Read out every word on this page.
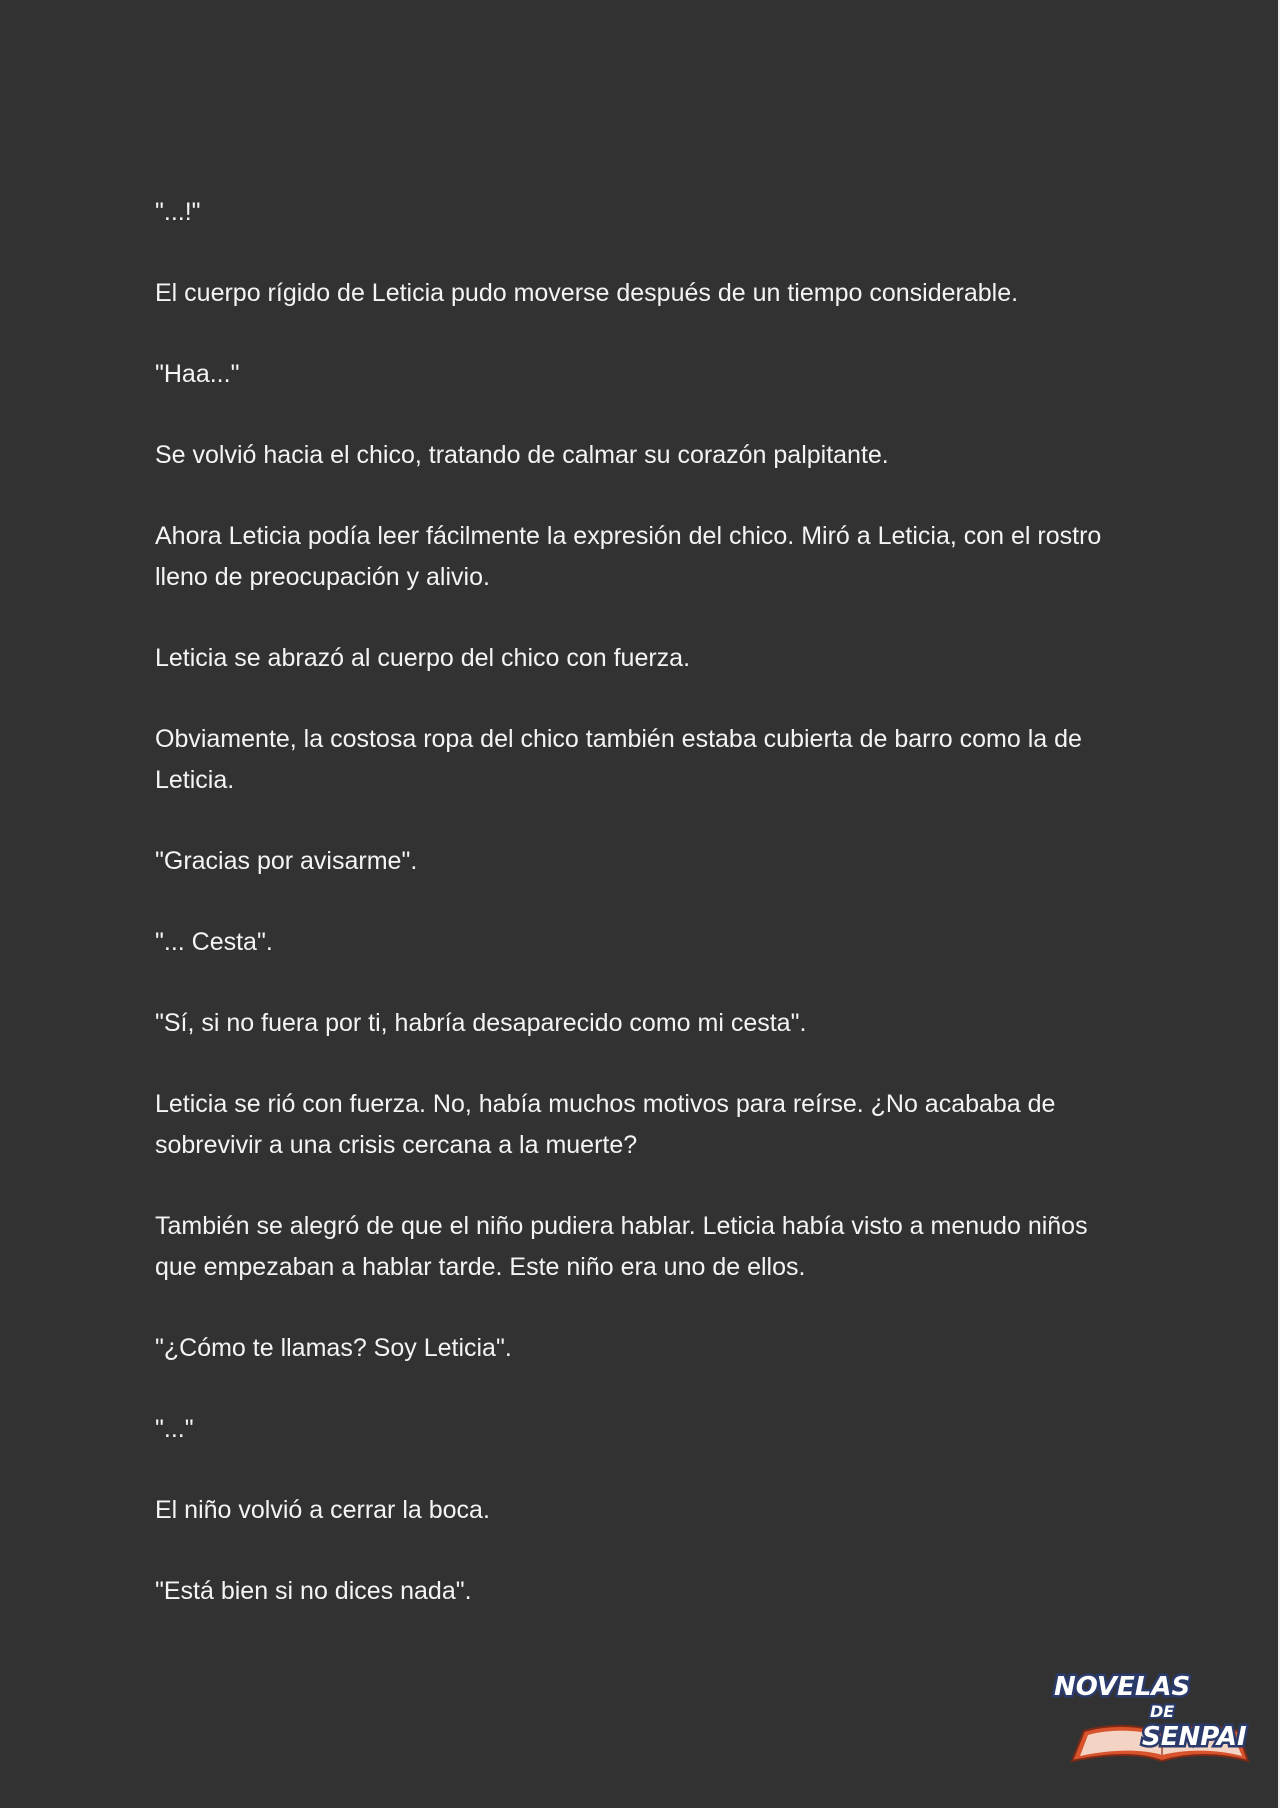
"...!"

El cuerpo rígido de Leticia pudo moverse después de un tiempo considerable.

"Haa..."

Se volvió hacia el chico, tratando de calmar su corazón palpitante.

Ahora Leticia podía leer fácilmente la expresión del chico. Miró a Leticia, con el rostro lleno de preocupación y alivio.

Leticia se abrazó al cuerpo del chico con fuerza.

Obviamente, la costosa ropa del chico también estaba cubierta de barro como la de Leticia.

"Gracias por avisarme".

"... Cesta".

"Sí, si no fuera por ti, habría desaparecido como mi cesta".

Leticia se rió con fuerza. No, había muchos motivos para reírse. ¿No acababa de sobrevivir a una crisis cercana a la muerte?

También se alegró de que el niño pudiera hablar. Leticia había visto a menudo niños que empezaban a hablar tarde. Este niño era uno de ellos.

"¿Cómo te llamas? Soy Leticia".

"..."

El niño volvió a cerrar la boca.

"Está bien si no dices nada".

NOVELAS
DE
SENPAI
